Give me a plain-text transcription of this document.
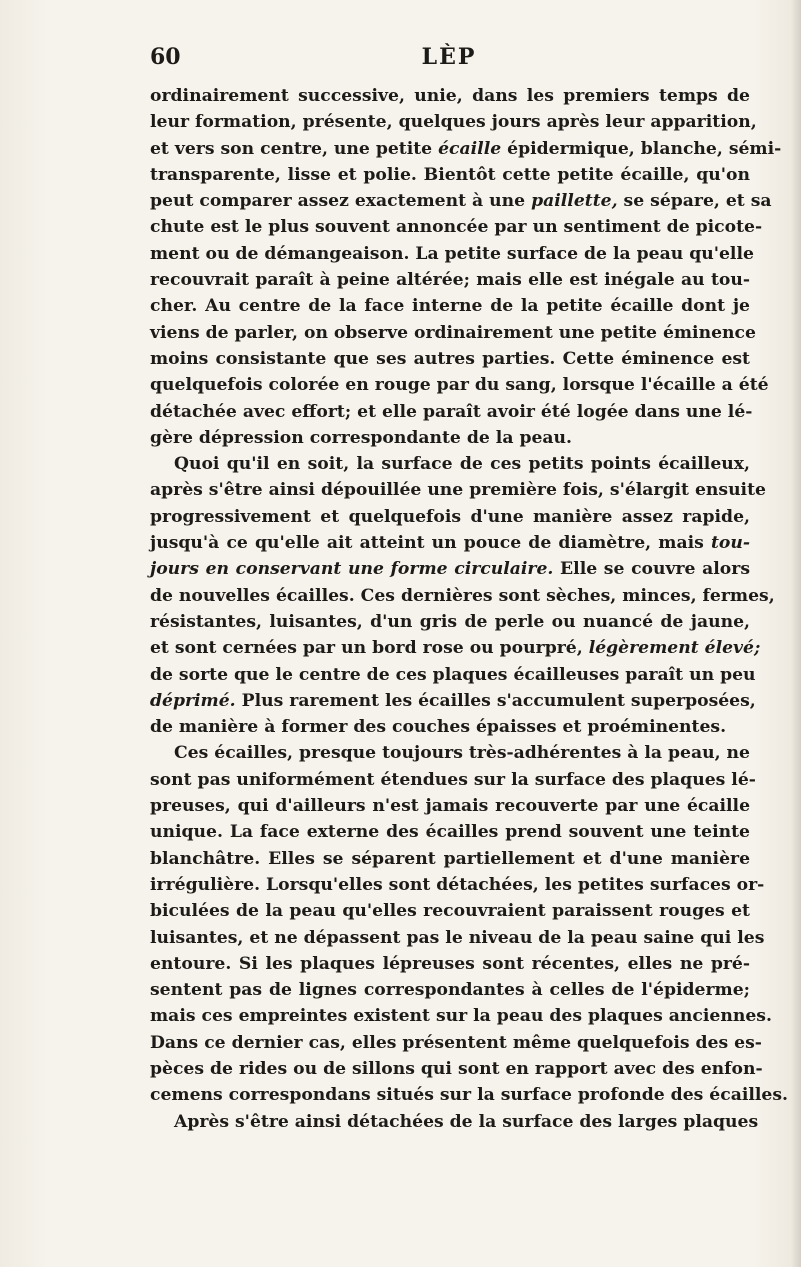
60	LÈP
ordinairement successive, unie, dans les premiers temps de
leur formation, présente, quelques jours après leur apparition,
et vers son centre, une petite écaille épidermique, blanche, sémi-
transparente, lisse et polie. Bientôt cette petite écaille, qu'on
peut comparer assez exactement à une paillette, se sépare, et sa
chute est le plus souvent annoncée par un sentiment de picote-
ment ou de démangeaison. La petite surface de la peau qu'elle
recouvrait paraît à peine altérée; mais elle est inégale au tou-
cher. Au centre de la face interne de la petite écaille dont je
viens de parler, on observe ordinairement une petite éminence
moins consistante que ses autres parties. Cette éminence est
quelquefois colorée en rouge par du sang, lorsque l'écaille a été
détachée avec effort; et elle paraît avoir été logée dans une lé-
gère dépression correspondante de la peau.
Quoi qu'il en soit, la surface de ces petits points écailleux,
après s'être ainsi dépouillée une première fois, s'élargit ensuite
progressivement et quelquefois d'une manière assez rapide,
jusqu'à ce qu'elle ait atteint un pouce de diamètre, mais tou-
jours en conservant une forme circulaire. Elle se couvre alors
de nouvelles écailles. Ces dernières sont sèches, minces, fermes,
résistantes, luisantes, d'un gris de perle ou nuancé de jaune,
et sont cernées par un bord rose ou pourpré, légèrement élevé;
de sorte que le centre de ces plaques écailleuses paraît un peu
déprimé. Plus rarement les écailles s'accumulent superposées,
de manière à former des couches épaisses et proéminentes.
Ces écailles, presque toujours très-adhérentes à la peau, ne
sont pas uniformément étendues sur la surface des plaques lé-
preuses, qui d'ailleurs n'est jamais recouverte par une écaille
unique. La face externe des écailles prend souvent une teinte
blanchâtre. Elles se séparent partiellement et d'une manière
irrégulière. Lorsqu'elles sont détachées, les petites surfaces or-
biculées de la peau qu'elles recouvraient paraissent rouges et
luisantes, et ne dépassent pas le niveau de la peau saine qui les
entoure. Si les plaques lépreuses sont récentes, elles ne pré-
sentent pas de lignes correspondantes à celles de l'épiderme;
mais ces empreintes existent sur la peau des plaques anciennes.
Dans ce dernier cas, elles présentent même quelquefois des es-
pèces de rides ou de sillons qui sont en rapport avec des enfon-
cemens correspondans situés sur la surface profonde des écailles.
Après s'être ainsi détachées de la surface des larges plaques
